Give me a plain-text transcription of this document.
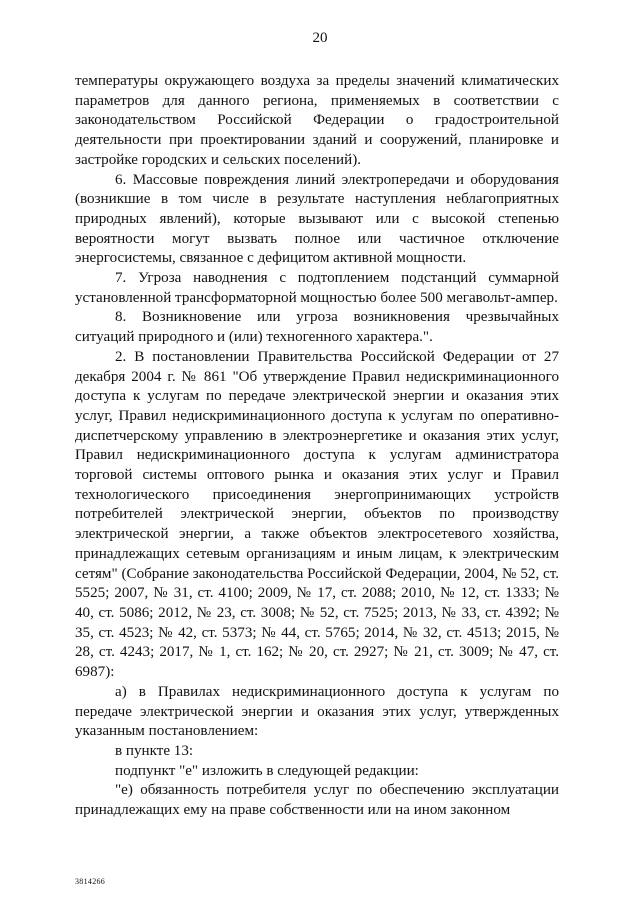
20

температуры окружающего воздуха за пределы значений климатических параметров для данного региона, применяемых в соответствии с законодательством Российской Федерации о градостроительной деятельности при проектировании зданий и сооружений, планировке и застройке городских и сельских поселений).

6. Массовые повреждения линий электропередачи и оборудования (возникшие в том числе в результате наступления неблагоприятных природных явлений), которые вызывают или с высокой степенью вероятности могут вызвать полное или частичное отключение энергосистемы, связанное с дефицитом активной мощности.

7. Угроза наводнения с подтоплением подстанций суммарной установленной трансформаторной мощностью более 500 мегавольт-ампер.

8. Возникновение или угроза возникновения чрезвычайных ситуаций природного и (или) техногенного характера.".

2. В постановлении Правительства Российской Федерации от 27 декабря 2004 г. № 861 "Об утверждение Правил недискриминационного доступа к услугам по передаче электрической энергии и оказания этих услуг, Правил недискриминационного доступа к услугам по оперативно-диспетчерскому управлению в электроэнергетике и оказания этих услуг, Правил недискриминационного доступа к услугам администратора торговой системы оптового рынка и оказания этих услуг и Правил технологического присоединения энергопринимающих устройств потребителей электрической энергии, объектов по производству электрической энергии, а также объектов электросетевого хозяйства, принадлежащих сетевым организациям и иным лицам, к электрическим сетям" (Собрание законодательства Российской Федерации, 2004, № 52, ст. 5525; 2007, № 31, ст. 4100; 2009, № 17, ст. 2088; 2010, № 12, ст. 1333; № 40, ст. 5086; 2012, № 23, ст. 3008; № 52, ст. 7525; 2013, № 33, ст. 4392; № 35, ст. 4523; № 42, ст. 5373; № 44, ст. 5765; 2014, № 32, ст. 4513; 2015, № 28, ст. 4243; 2017, № 1, ст. 162; № 20, ст. 2927; № 21, ст. 3009; № 47, ст. 6987):

а) в Правилах недискриминационного доступа к услугам по передаче электрической энергии и оказания этих услуг, утвержденных указанным постановлением:

в пункте 13:

подпункт "е" изложить в следующей редакции:

"е) обязанность потребителя услуг по обеспечению эксплуатации принадлежащих ему на праве собственности или на ином законном

3814266
